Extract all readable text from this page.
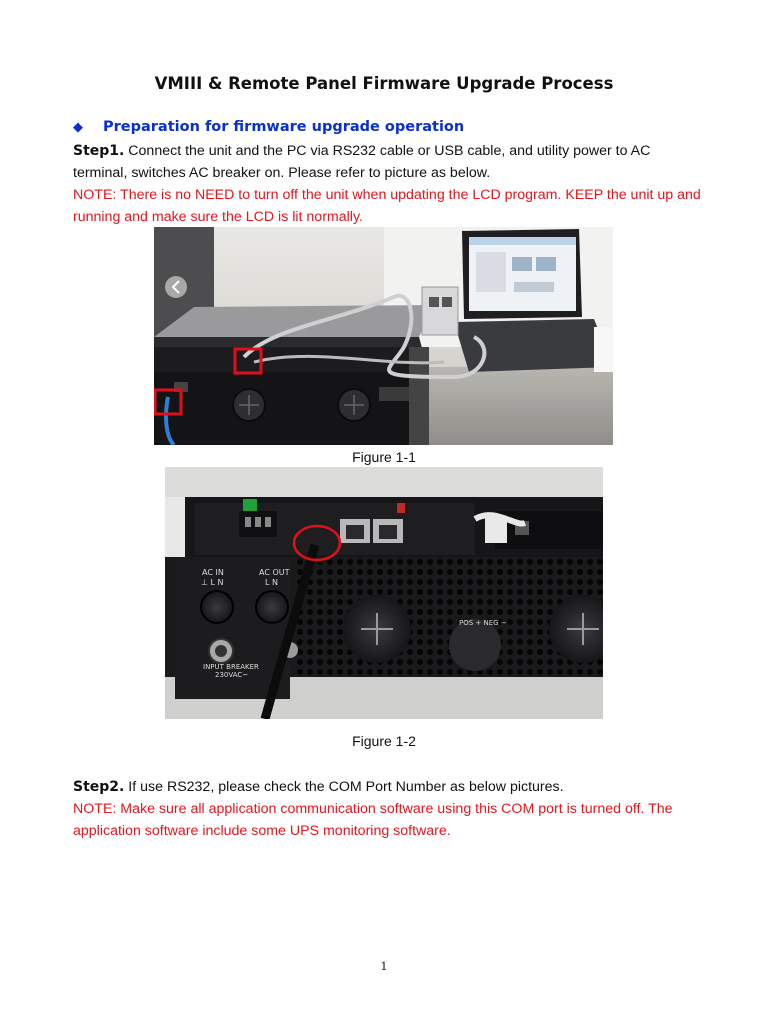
VMIII & Remote Panel Firmware Upgrade Process
◆ Preparation for firmware upgrade operation
Step1. Connect the unit and the PC via RS232 cable or USB cable, and utility power to AC terminal, switches AC breaker on. Please refer to picture as below.
NOTE: There is no NEED to turn off the unit when updating the LCD program. KEEP the unit up and running and make sure the LCD is lit normally.
Figure 1-1
AC IN
⊥ L N
AC OUT
L N
INPUT BREAKER
230VAC~
POS + NEG −
Figure 1-2
Step2. If use RS232, please check the COM Port Number as below pictures.
NOTE: Make sure all application communication software using this COM port is turned off. The application software include some UPS monitoring software.
1
